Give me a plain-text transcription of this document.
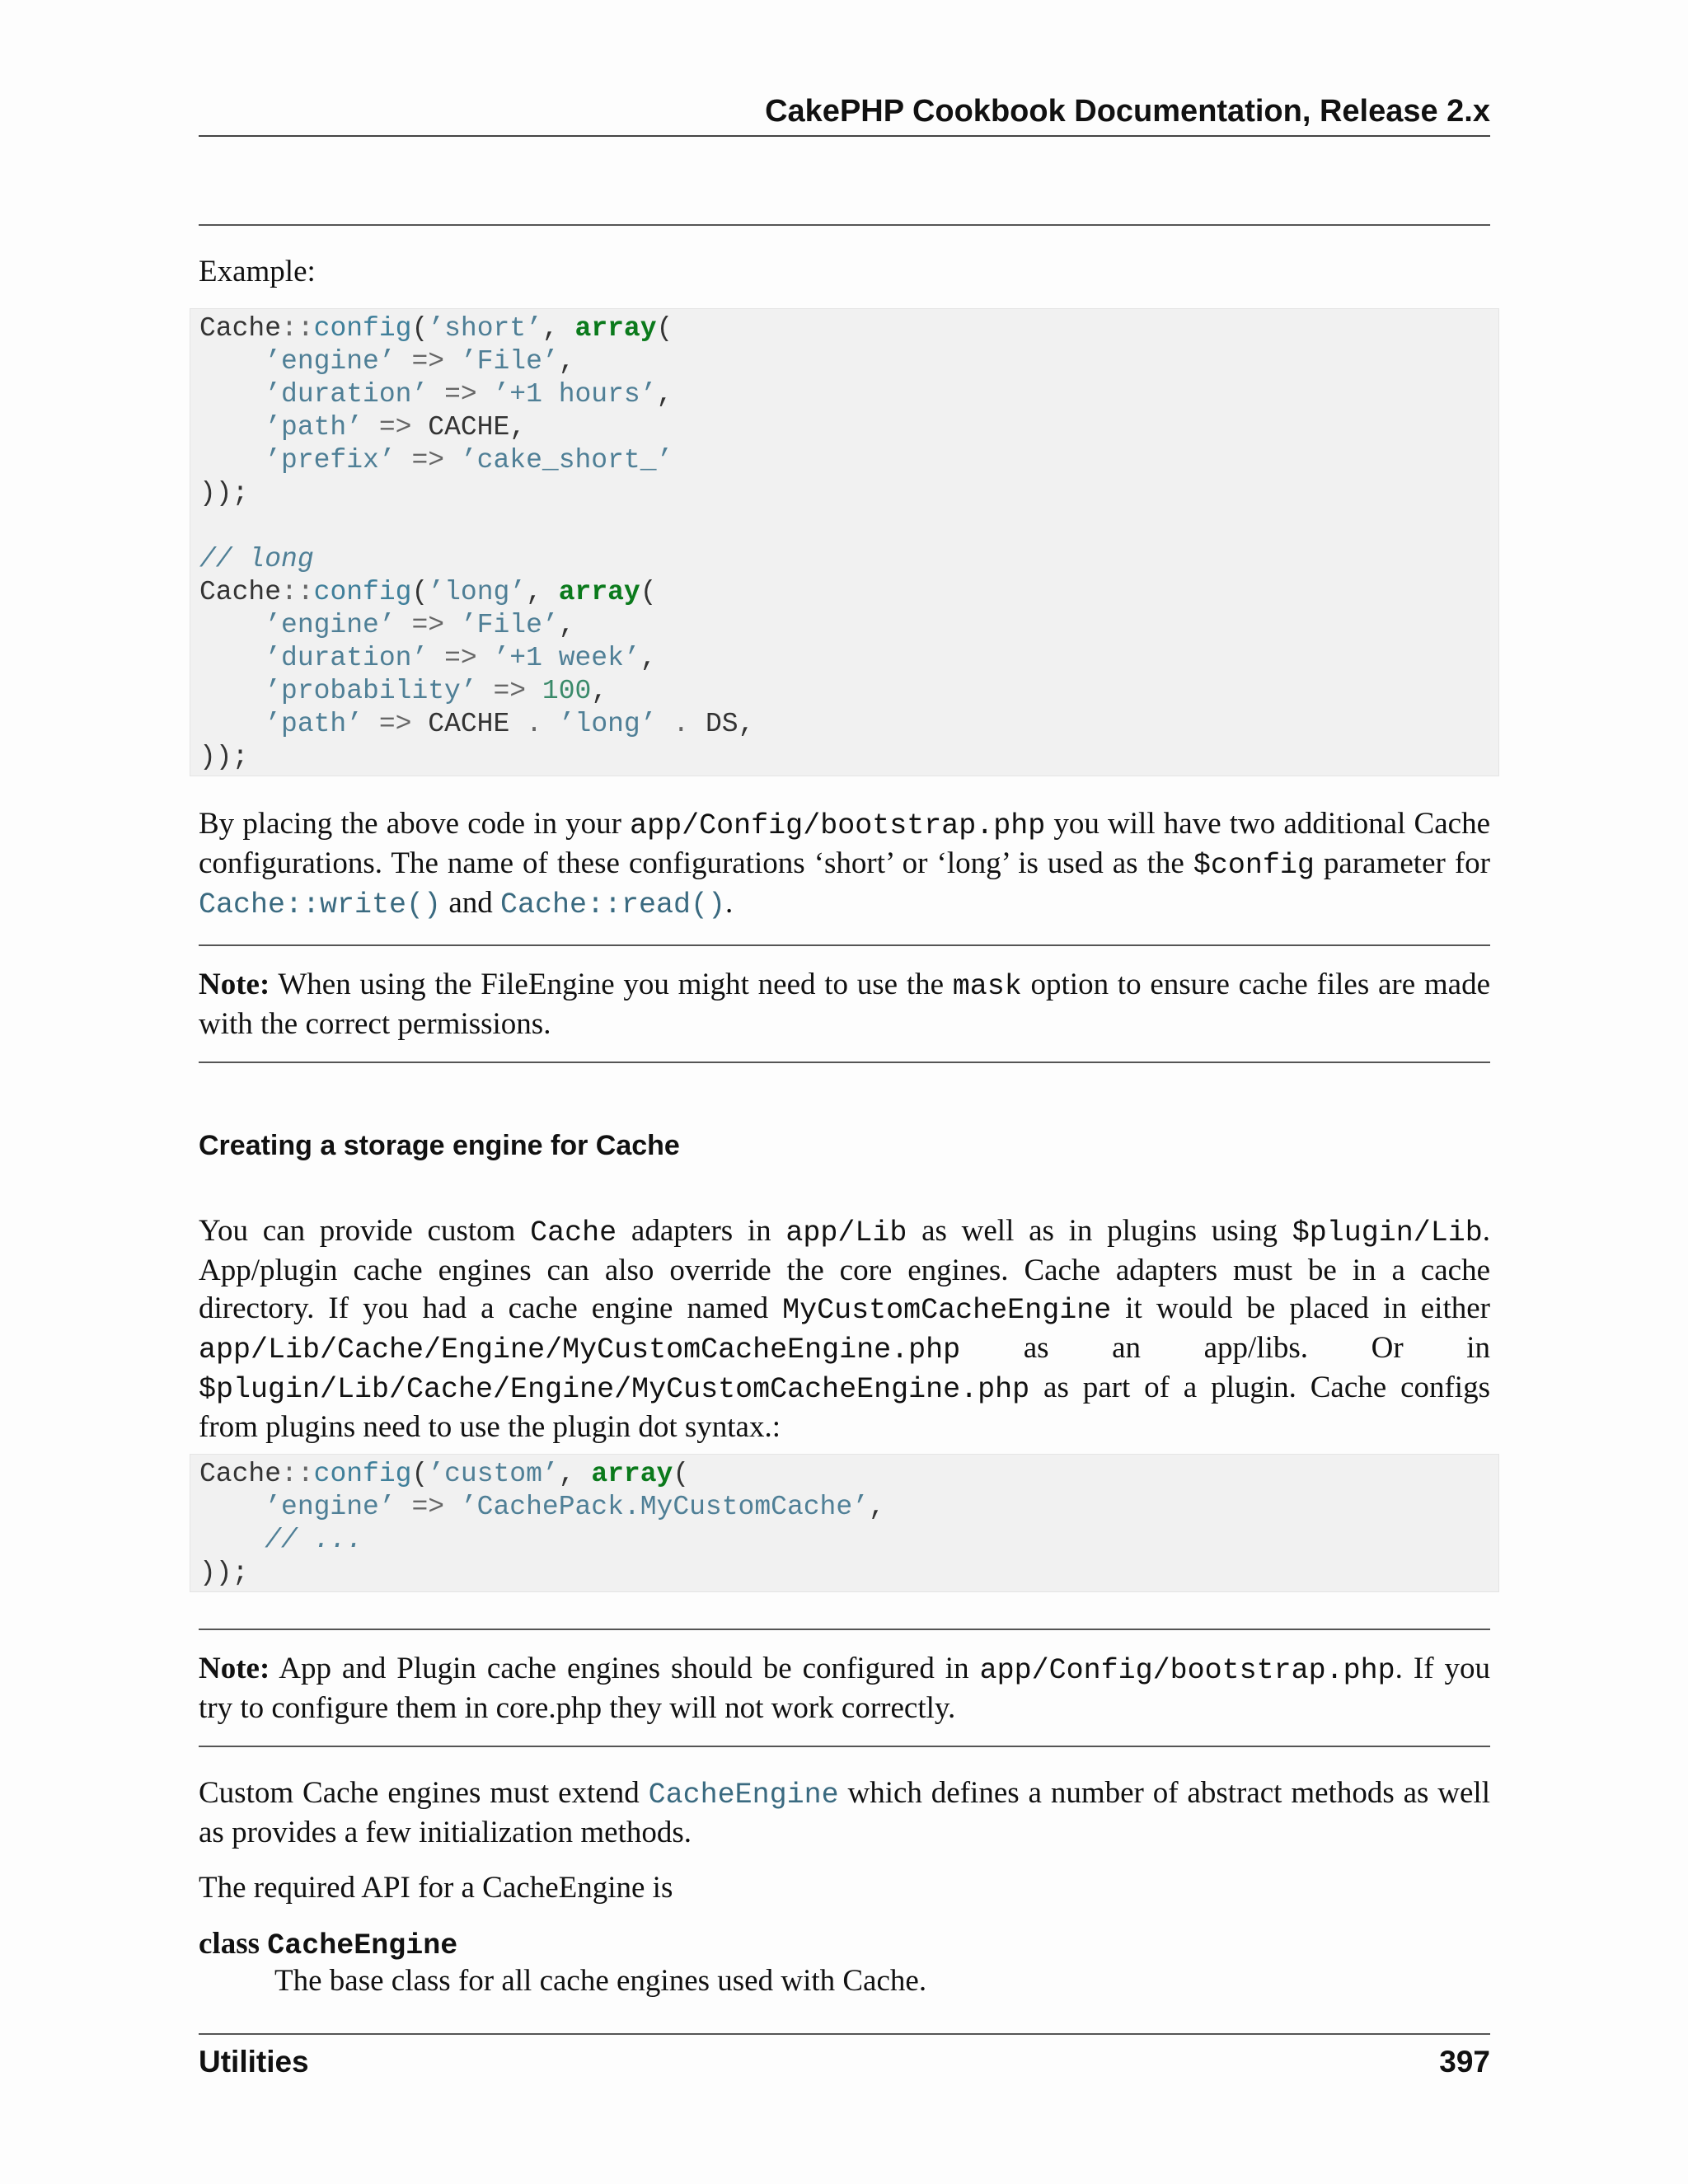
CakePHP Cookbook Documentation, Release 2.x
Example:
Cache::config(’short’, array(
’engine’ => ’File’,
’duration’ => ’+1 hours’,
’path’ => CACHE,
’prefix’ => ’cake_short_’
));

// long
Cache::config(’long’, array(
’engine’ => ’File’,
’duration’ => ’+1 week’,
’probability’ => 100,
’path’ => CACHE . ’long’ . DS,
));
By placing the above code in your app/Config/bootstrap.php you will have two additional Cache configurations. The name of these configurations ‘short’ or ‘long’ is used as the $config parameter for Cache::write() and Cache::read().
Note: When using the FileEngine you might need to use the mask option to ensure cache files are made with the correct permissions.
Creating a storage engine for Cache
You can provide custom Cache adapters in app/Lib as well as in plugins using $plugin/Lib. App/plugin cache engines can also override the core engines. Cache adapters must be in a cache directory. If you had a cache engine named MyCustomCacheEngine it would be placed in either app/Lib/Cache/Engine/MyCustomCacheEngine.php as an app/libs. Or in $plugin/Lib/Cache/Engine/MyCustomCacheEngine.php as part of a plugin. Cache configs from plugins need to use the plugin dot syntax.:
Cache::config(’custom’, array(
’engine’ => ’CachePack.MyCustomCache’,
// ...
));
Note: App and Plugin cache engines should be configured in app/Config/bootstrap.php. If you try to configure them in core.php they will not work correctly.
Custom Cache engines must extend CacheEngine which defines a number of abstract methods as well as provides a few initialization methods.
The required API for a CacheEngine is
class CacheEngine
The base class for all cache engines used with Cache.
Utilities	397
